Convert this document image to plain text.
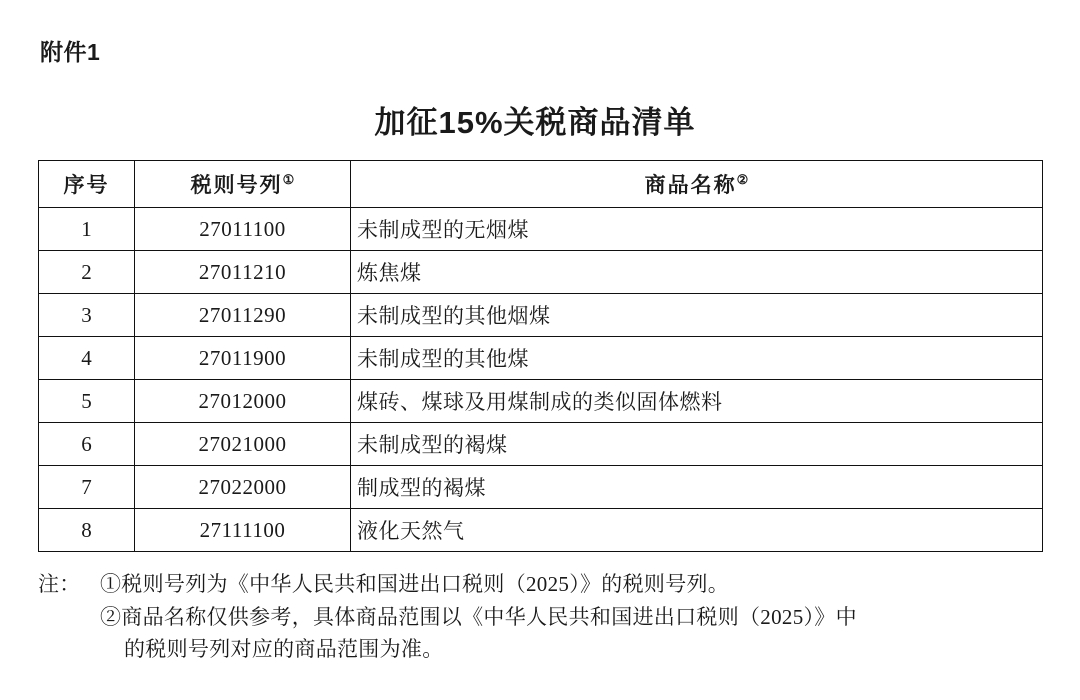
附件1
加征15%关税商品清单
序号	税则号列①	商品名称②
1	27011100	未制成型的无烟煤
2	27011210	炼焦煤
3	27011290	未制成型的其他烟煤
4	27011900	未制成型的其他煤
5	27012000	煤砖、煤球及用煤制成的类似固体燃料
6	27021000	未制成型的褐煤
7	27022000	制成型的褐煤
8	27111100	液化天然气
注： ①税则号列为《中华人民共和国进出口税则（2025）》的税则号列。
②商品名称仅供参考，具体商品范围以《中华人民共和国进出口税则（2025）》中
的税则号列对应的商品范围为准。
